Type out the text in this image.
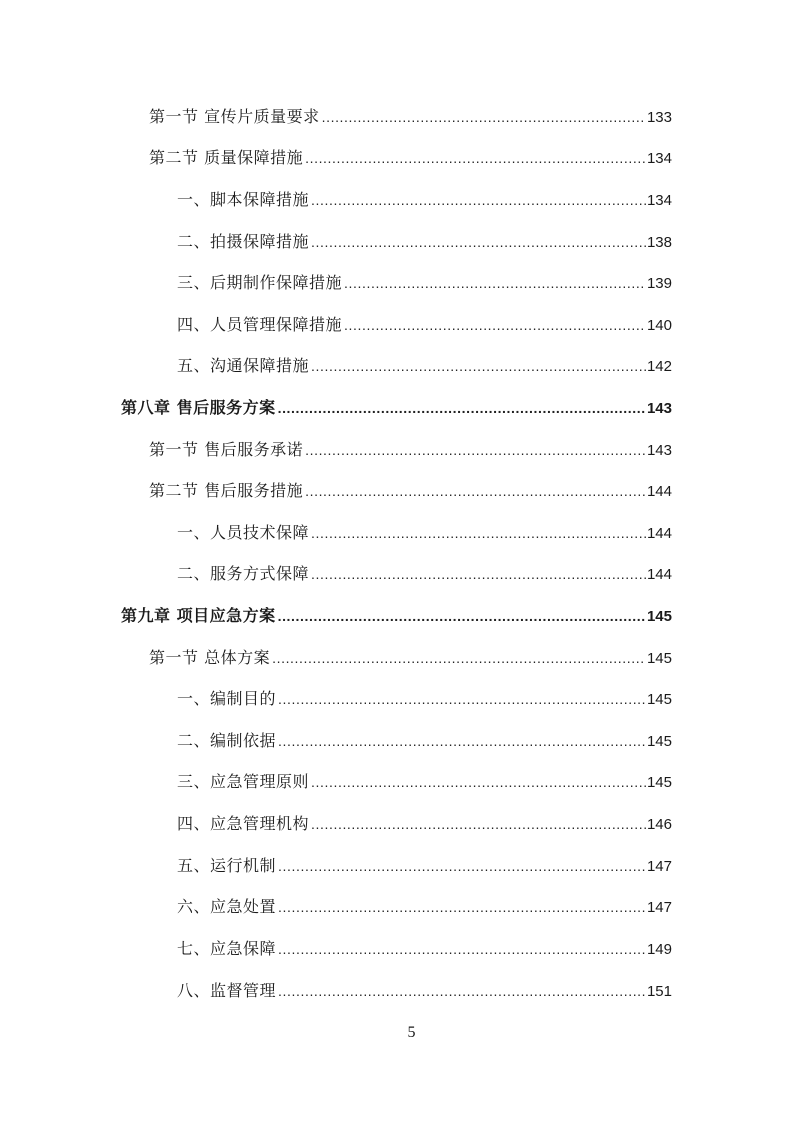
第一节 宣传片质量要求 .....	133
第二节 质量保障措施 .....	134
一、脚本保障措施 .....	134
二、拍摄保障措施 .....	138
三、后期制作保障措施 .....	139
四、人员管理保障措施 .....	140
五、沟通保障措施 .....	142
第八章 售后服务方案 .....	143
第一节 售后服务承诺 .....	143
第二节 售后服务措施 .....	144
一、人员技术保障 .....	144
二、服务方式保障 .....	144
第九章 项目应急方案 .....	145
第一节 总体方案 .....	145
一、编制目的 .....	145
二、编制依据 .....	145
三、应急管理原则 .....	145
四、应急管理机构 .....	146
五、运行机制 .....	147
六、应急处置 .....	147
七、应急保障 .....	149
八、监督管理 .....	151
5
